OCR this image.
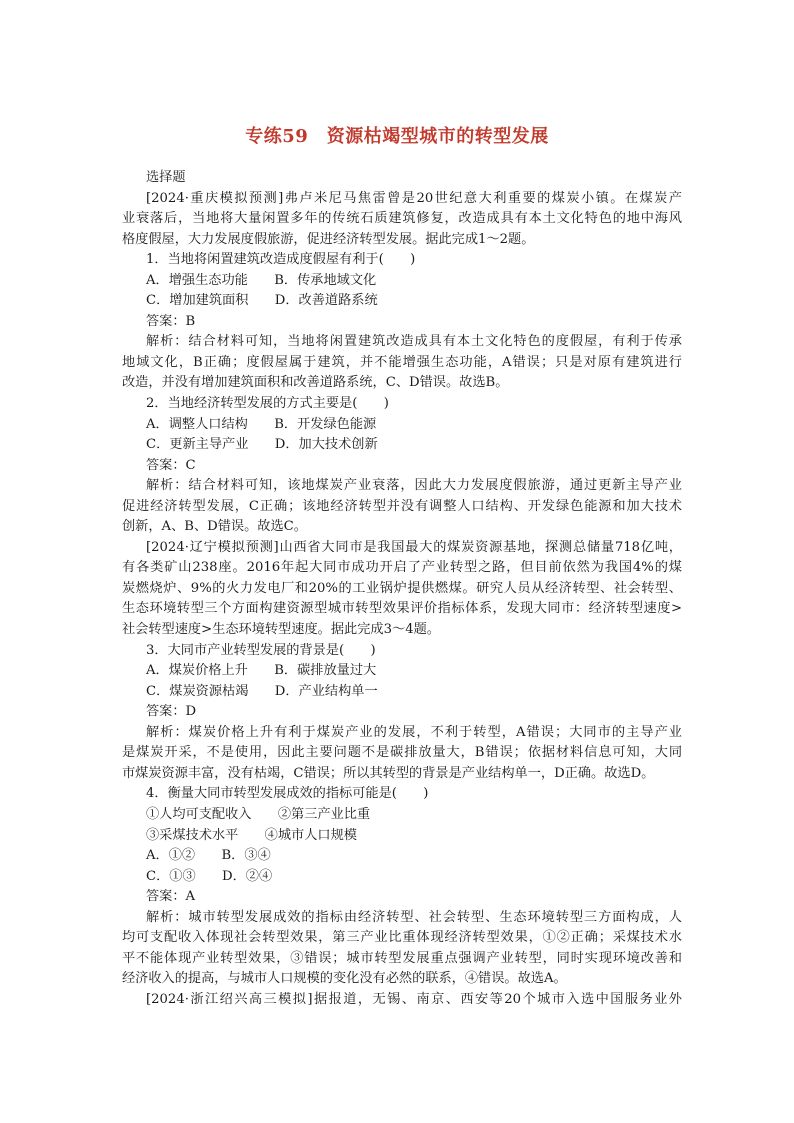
专练59　资源枯竭型城市的转型发展
选择题
[2024·重庆模拟预测]弗卢米尼马焦雷曾是20世纪意大利重要的煤炭小镇。在煤炭产
业衰落后，当地将大量闲置多年的传统石质建筑修复，改造成具有本土文化特色的地中海风
格度假屋，大力发展度假旅游，促进经济转型发展。据此完成1～2题。
1．当地将闲置建筑改造成度假屋有利于(　　)
A．增强生态功能　　B．传承地域文化
C．增加建筑面积　　D．改善道路系统
答案：B
解析：结合材料可知，当地将闲置建筑改造成具有本土文化特色的度假屋，有利于传承
地域文化，B正确；度假屋属于建筑，并不能增强生态功能，A错误；只是对原有建筑进行
改造，并没有增加建筑面积和改善道路系统，C、D错误。故选B。
2．当地经济转型发展的方式主要是(　　)
A．调整人口结构　　B．开发绿色能源
C．更新主导产业　　D．加大技术创新
答案：C
解析：结合材料可知，该地煤炭产业衰落，因此大力发展度假旅游，通过更新主导产业
促进经济转型发展，C正确；该地经济转型并没有调整人口结构、开发绿色能源和加大技术
创新，A、B、D错误。故选C。
[2024·辽宁模拟预测]山西省大同市是我国最大的煤炭资源基地，探测总储量718亿吨，
有各类矿山238座。2016年起大同市成功开启了产业转型之路，但目前依然为我国4%的煤
炭燃烧炉、9%的火力发电厂和20%的工业锅炉提供燃煤。研究人员从经济转型、社会转型、
生态环境转型三个方面构建资源型城市转型效果评价指标体系，发现大同市：经济转型速度>
社会转型速度>生态环境转型速度。据此完成3～4题。
3．大同市产业转型发展的背景是(　　)
A．煤炭价格上升　　B．碳排放量过大
C．煤炭资源枯竭　　D．产业结构单一
答案：D
解析：煤炭价格上升有利于煤炭产业的发展，不利于转型，A错误；大同市的主导产业
是煤炭开采，不是使用，因此主要问题不是碳排放量大，B错误；依据材料信息可知，大同
市煤炭资源丰富，没有枯竭，C错误；所以其转型的背景是产业结构单一，D正确。故选D。
4．衡量大同市转型发展成效的指标可能是(　　)
①人均可支配收入　　②第三产业比重
③采煤技术水平　　④城市人口规模
A．①②　　B．③④
C．①③　　D．②④
答案：A
解析：城市转型发展成效的指标由经济转型、社会转型、生态环境转型三方面构成，人
均可支配收入体现社会转型效果，第三产业比重体现经济转型效果，①②正确；采煤技术水
平不能体现产业转型效果，③错误；城市转型发展重点强调产业转型，同时实现环境改善和
经济收入的提高，与城市人口规模的变化没有必然的联系，④错误。故选A。
[2024·浙江绍兴高三模拟]据报道，无锡、南京、西安等20个城市入选中国服务业外
